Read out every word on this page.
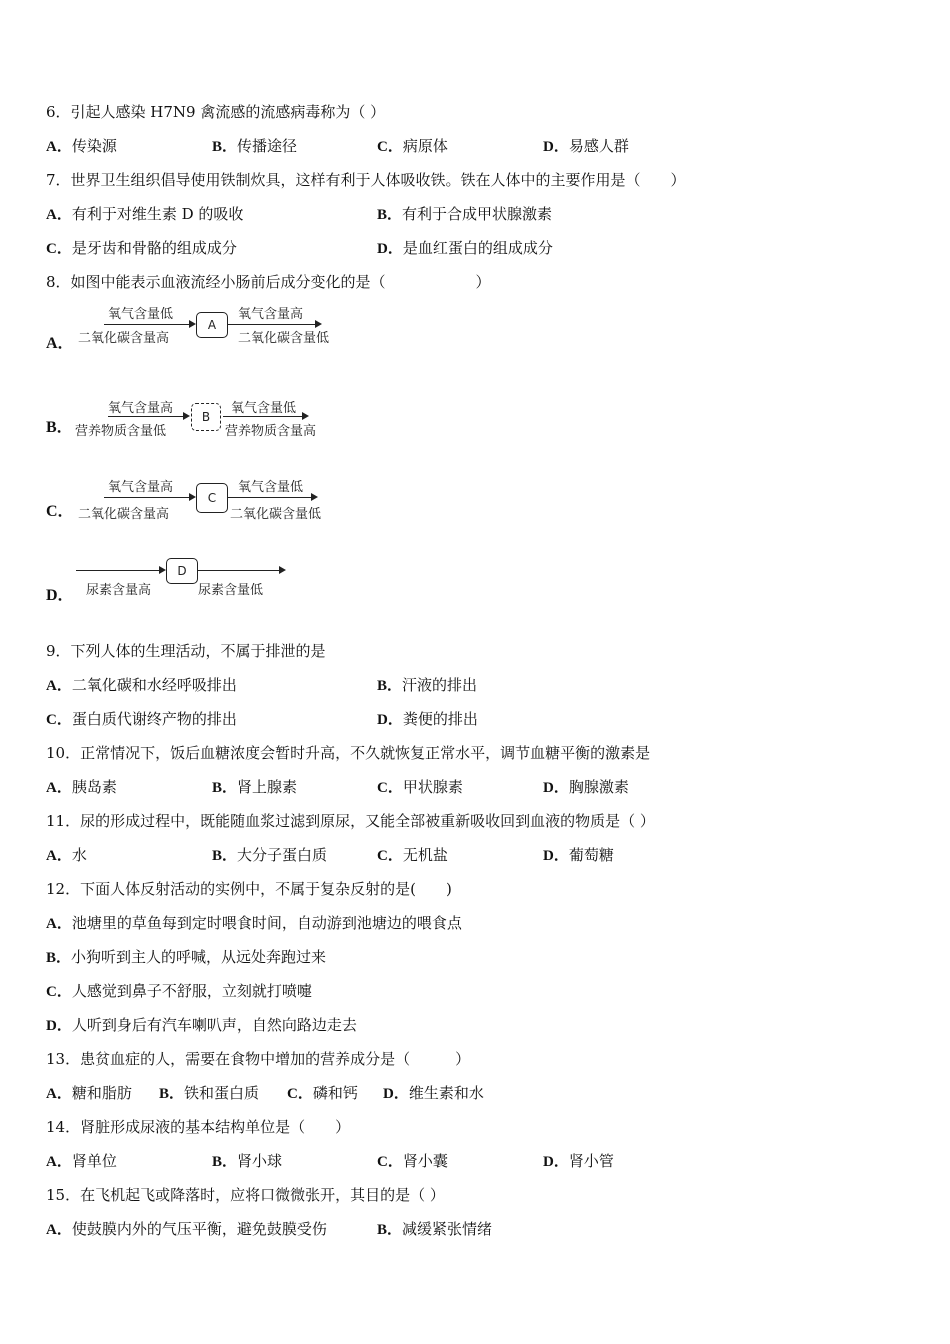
6．引起人感染 H7N9 禽流感的流感病毒称为（ ）
A．传染源	B．传播途径	C．病原体	D．易感人群
7．世界卫生组织倡导使用铁制炊具，这样有利于人体吸收铁。铁在人体中的主要作用是（　　）
A．有利于对维生素 D 的吸收	B．有利于合成甲状腺激素
C．是牙齿和骨骼的组成成分	D．是血红蛋白的组成成分
8．如图中能表示血液流经小肠前后成分变化的是（　　　　　　）
A．
氧气含量低
二氧化碳含量高
A
氧气含量高
二氧化碳含量低
B．
氧气含量高
营养物质含量低
B
氧气含量低
营养物质含量高
C．
氧气含量高
二氧化碳含量高
C
氧气含量低
二氧化碳含量低
D．
D
尿素含量高	尿素含量低
9．下列人体的生理活动，不属于排泄的是
A．二氧化碳和水经呼吸排出	B．汗液的排出
C．蛋白质代谢终产物的排出	D．粪便的排出
10．正常情况下，饭后血糖浓度会暂时升高，不久就恢复正常水平，调节血糖平衡的激素是
A．胰岛素	B．肾上腺素	C．甲状腺素	D．胸腺激素
11．尿的形成过程中，既能随血浆过滤到原尿，又能全部被重新吸收回到血液的物质是（ ）
A．水	B．大分子蛋白质	C．无机盐	D．葡萄糖
12．下面人体反射活动的实例中，不属于复杂反射的是(　　)
A．池塘里的草鱼每到定时喂食时间，自动游到池塘边的喂食点
B．小狗听到主人的呼喊，从远处奔跑过来
C．人感觉到鼻子不舒服，立刻就打喷嚏
D．人听到身后有汽车喇叭声，自然向路边走去
13．患贫血症的人，需要在食物中增加的营养成分是（　　　）
A．糖和脂肪 B．铁和蛋白质 C．磷和钙 D．维生素和水
14．肾脏形成尿液的基本结构单位是（　　）
A．肾单位	B．肾小球	C．肾小囊	D．肾小管
15．在飞机起飞或降落时，应将口微微张开，其目的是（ ）
A．使鼓膜内外的气压平衡，避免鼓膜受伤	B．减缓紧张情绪
